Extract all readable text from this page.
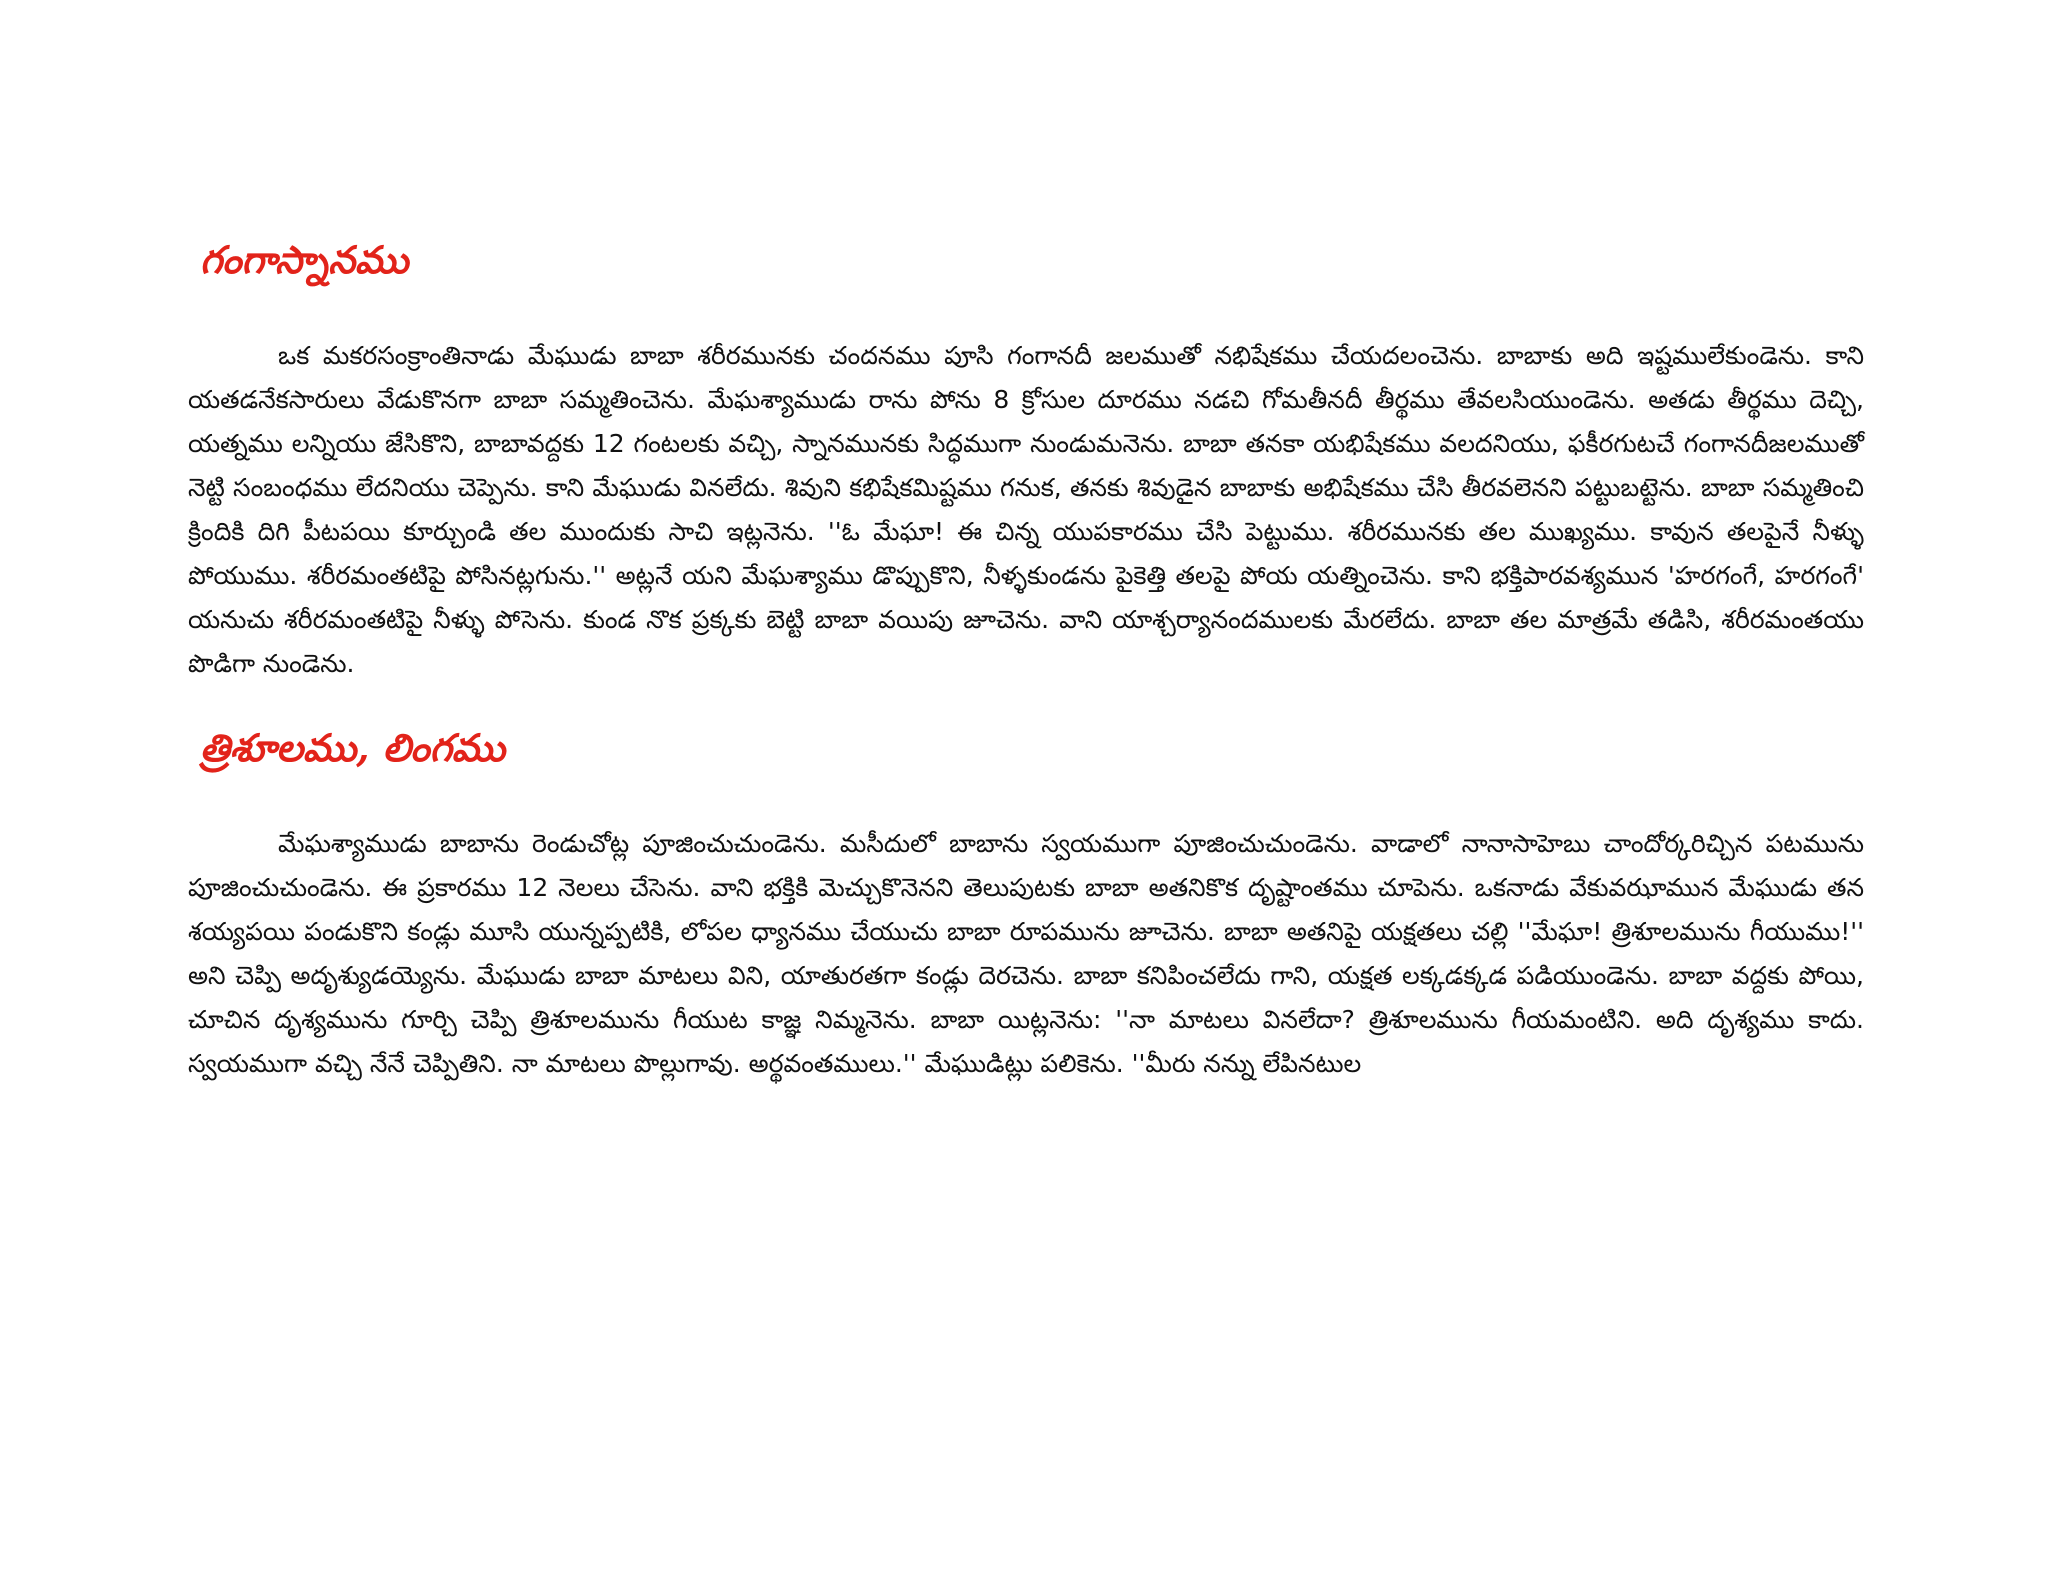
గంగాస్నానము

ఒక మకరసంక్రాంతినాడు మేఘుడు బాబా శరీరమునకు చందనము పూసి గంగానదీ జలముతో నభిషేకము చేయదలంచెను. బాబాకు అది ఇష్టములేకుండెను. కాని యతడనేకసారులు వేడుకొనగా బాబా సమ్మతించెను. మేఘశ్యాముడు రాను పోను 8 క్రోసుల దూరము నడచి గోమతీనదీ తీర్థము తేవలసియుండెను. అతడు తీర్థము దెచ్చి, యత్నము లన్నియు జేసికొని, బాబావద్దకు 12 గంటలకు వచ్చి, స్నానమునకు సిద్ధముగా నుండుమనెను. బాబా తనకా యభిషేకము వలదనియు, ఫకీరగుటచే గంగానదీజలముతో నెట్టి సంబంధము లేదనియు చెప్పెను. కాని మేఘుడు వినలేదు. శివుని కభిషేకమిష్టము గనుక, తనకు శివుడైన బాబాకు అభిషేకము చేసి తీరవలెనని పట్టుబట్టెను. బాబా సమ్మతించి క్రిందికి దిగి పీటపయి కూర్చుండి తల ముందుకు సాచి ఇట్లనెను. ''ఓ మేఘా! ఈ చిన్న యుపకారము చేసి పెట్టుము. శరీరమునకు తల ముఖ్యము. కావున తలపైనే నీళ్ళు పోయుము. శరీరమంతటిపై పోసినట్లగును.'' అట్లనే యని మేఘశ్యాము డొప్పుకొని, నీళ్ళకుండను పైకెత్తి తలపై పోయ యత్నించెను. కాని భక్తిపారవశ్యమున 'హరగంగే, హరగంగే' యనుచు శరీరమంతటిపై నీళ్ళు పోసెను. కుండ నొక ప్రక్కకు బెట్టి బాబా వయిపు జూచెను. వాని యాశ్చర్యానందములకు మేరలేదు. బాబా తల మాత్రమే తడిసి, శరీరమంతయు పొడిగా నుండెను.

త్రిశూలము, లింగము

మేఘశ్యాముడు బాబాను రెండుచోట్ల పూజించుచుండెను. మసీదులో బాబాను స్వయముగా పూజించుచుండెను. వాడాలో నానాసాహెబు చాందోర్కరిచ్చిన పటమును పూజించుచుండెను. ఈ ప్రకారము 12 నెలలు చేసెను. వాని భక్తికి మెచ్చుకొనెనని తెలుపుటకు బాబా అతనికొక దృష్టాంతము చూపెను. ఒకనాడు వేకువఝామున మేఘుడు తన శయ్యపయి పండుకొని కండ్లు మూసి యున్నప్పటికి, లోపల ధ్యానము చేయుచు బాబా రూపమును జూచెను. బాబా అతనిపై యక్షతలు చల్లి ''మేఘా! త్రిశూలమును గీయుము!'' అని చెప్పి అదృశ్యుడయ్యెను. మేఘుడు బాబా మాటలు విని, యాతురతగా కండ్లు దెరచెను. బాబా కనిపించలేదు గాని, యక్షత లక్కడక్కడ పడియుండెను. బాబా వద్దకు పోయి, చూచిన దృశ్యమును గూర్చి చెప్పి త్రిశూలమును గీయుట కాజ్ఞ నిమ్మనెను. బాబా యిట్లనెను: ''నా మాటలు వినలేదా? త్రిశూలమును గీయమంటిని. అది దృశ్యము కాదు. స్వయముగా వచ్చి నేనే చెప్పితిని. నా మాటలు పొల్లుగావు. అర్థవంతములు.'' మేఘుడిట్లు పలికెను. ''మీరు నన్ను లేపినటుల
